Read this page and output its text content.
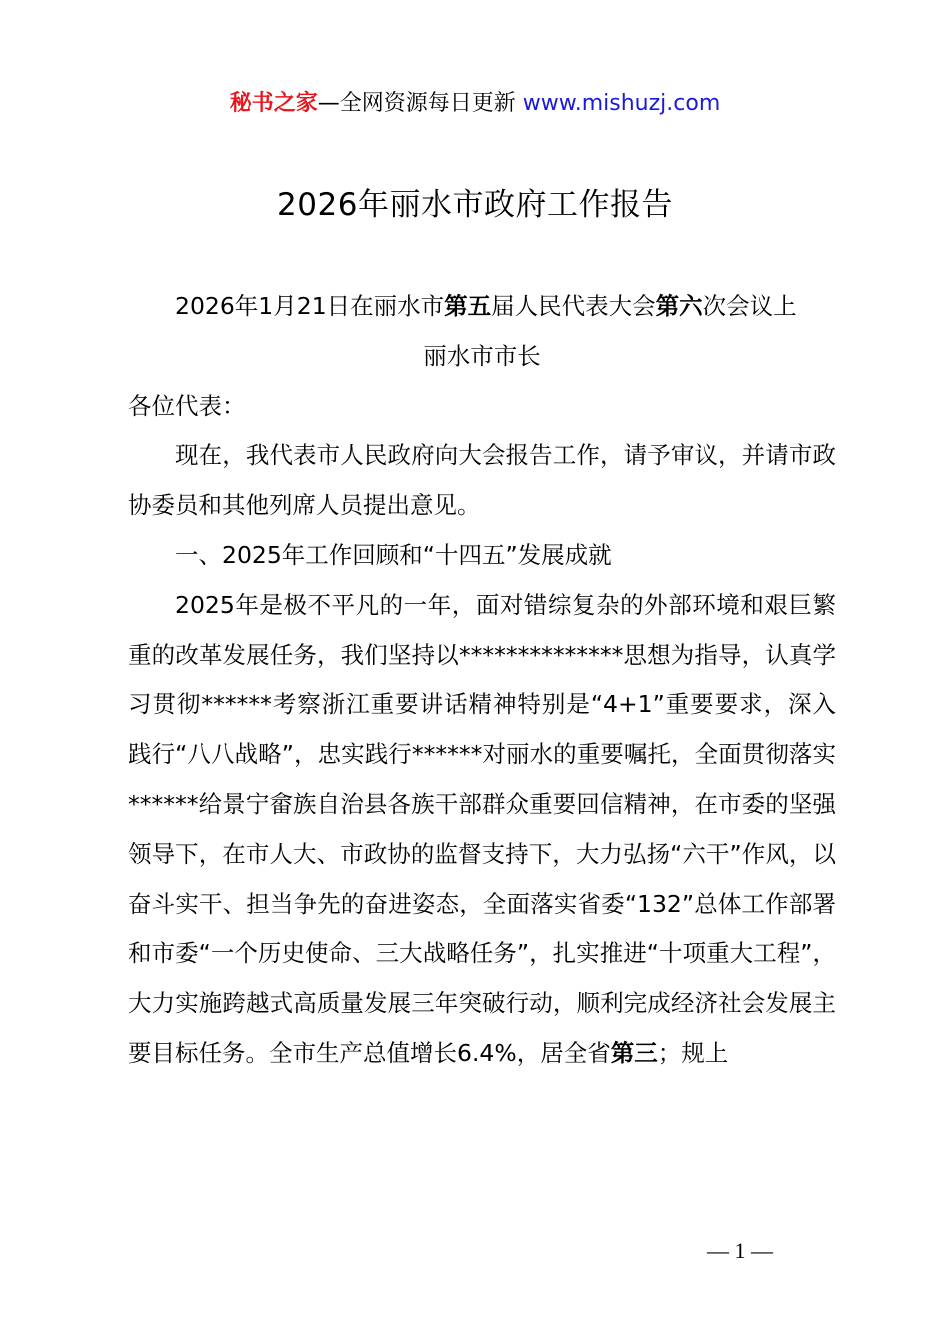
秘书之家—全网资源每日更新 www.mishuzj.com
2026年丽水市政府工作报告

2026年1月21日在丽水市第五届人民代表大会第六次会议上

丽水市市长

各位代表：

现在，我代表市人民政府向大会报告工作，请予审议，并请市政协委员和其他列席人员提出意见。

一、2025年工作回顾和“十四五”发展成就

2025年是极不平凡的一年，面对错综复杂的外部环境和艰巨繁重的改革发展任务，我们坚持以**************思想为指导，认真学习贯彻******考察浙江重要讲话精神特别是“4+1”重要要求，深入践行“八八战略”，忠实践行******对丽水的重要嘱托，全面贯彻落实******给景宁畲族自治县各族干部群众重要回信精神，在市委的坚强领导下，在市人大、市政协的监督支持下，大力弘扬“六干”作风，以奋斗实干、担当争先的奋进姿态，全面落实省委“132”总体工作部署和市委“一个历史使命、三大战略任务”，扎实推进“十项重大工程”，大力实施跨越式高质量发展三年突破行动，顺利完成经济社会发展主要目标任务。全市生产总值增长6.4%，居全省第三；规上

— 1 —
